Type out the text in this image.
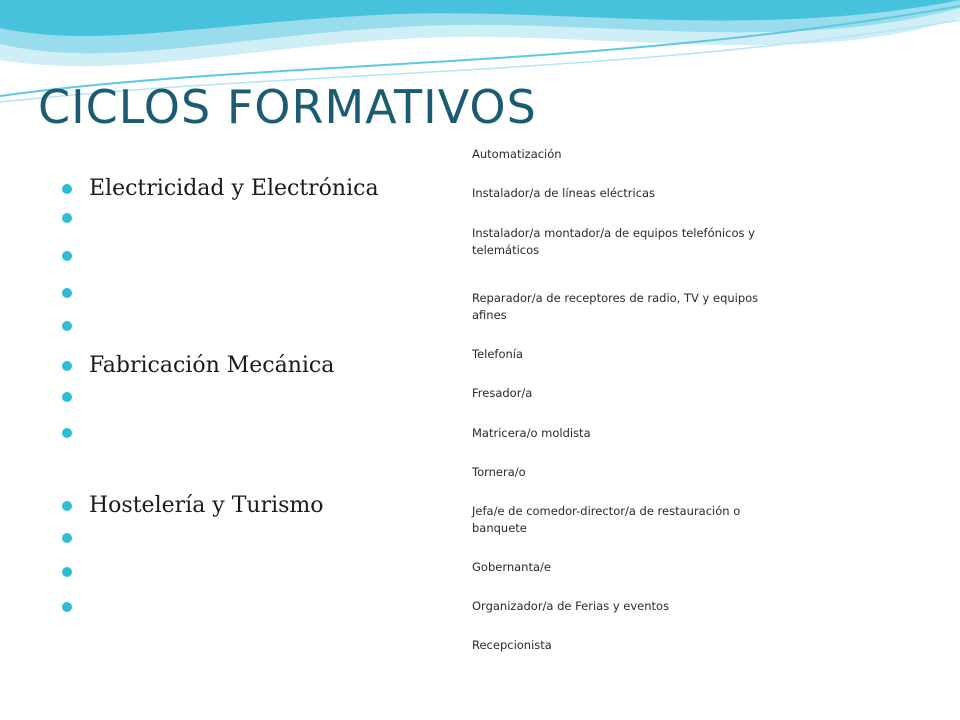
CICLOS FORMATIVOS
Electricidad y Electrónica
Fabricación Mecánica
Hostelería y Turismo
Automatización
Instalador/a de líneas eléctricas
Instalador/a montador/a de equipos telefónicos y telemáticos
Reparador/a de receptores de radio, TV y equipos afines
Telefonía
Fresador/a
Matricera/o moldista
Tornera/o
Jefa/e de comedor-director/a de restauración o banquete
Gobernanta/e
Organizador/a de Ferias y eventos
Recepcionista
